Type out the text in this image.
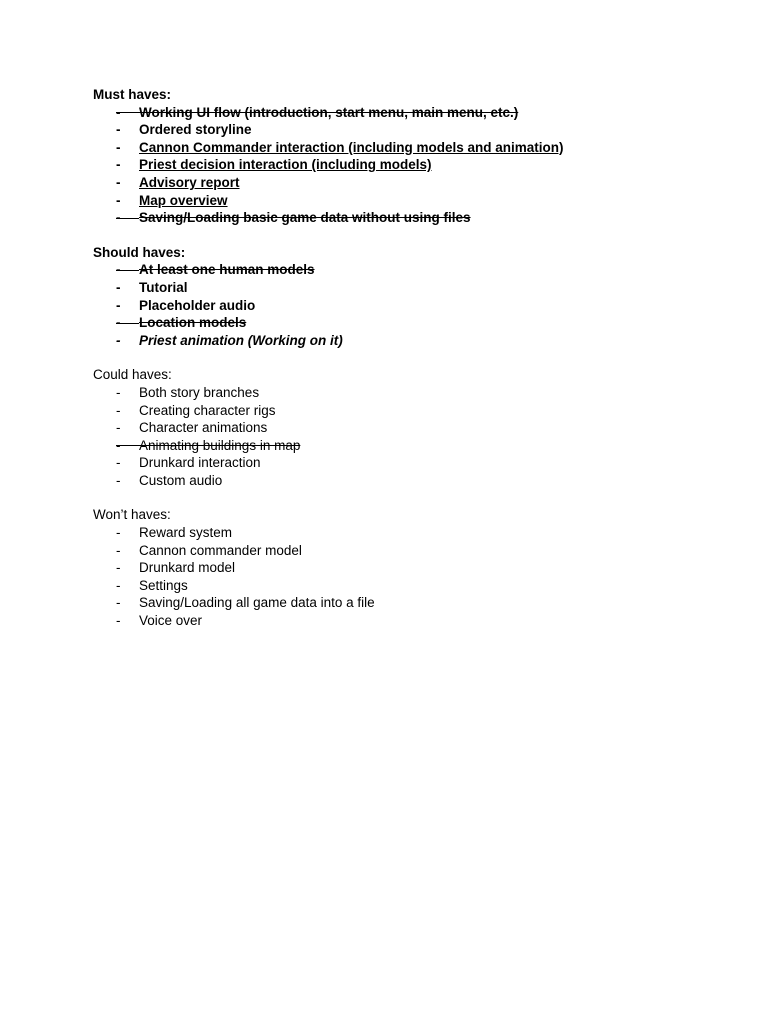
Must haves:
- Working UI flow (introduction, start menu, main menu, etc.)
- Ordered storyline
- Cannon Commander interaction (including models and animation)
- Priest decision interaction (including models)
- Advisory report
- Map overview
- Saving/Loading basic game data without using files
Should haves:
- At least one human models
- Tutorial
- Placeholder audio
- Location models
- Priest animation (Working on it)
Could haves:
- Both story branches
- Creating character rigs
- Character animations
- Animating buildings in map
- Drunkard interaction
- Custom audio
Won’t haves:
- Reward system
- Cannon commander model
- Drunkard model
- Settings
- Saving/Loading all game data into a file
- Voice over
